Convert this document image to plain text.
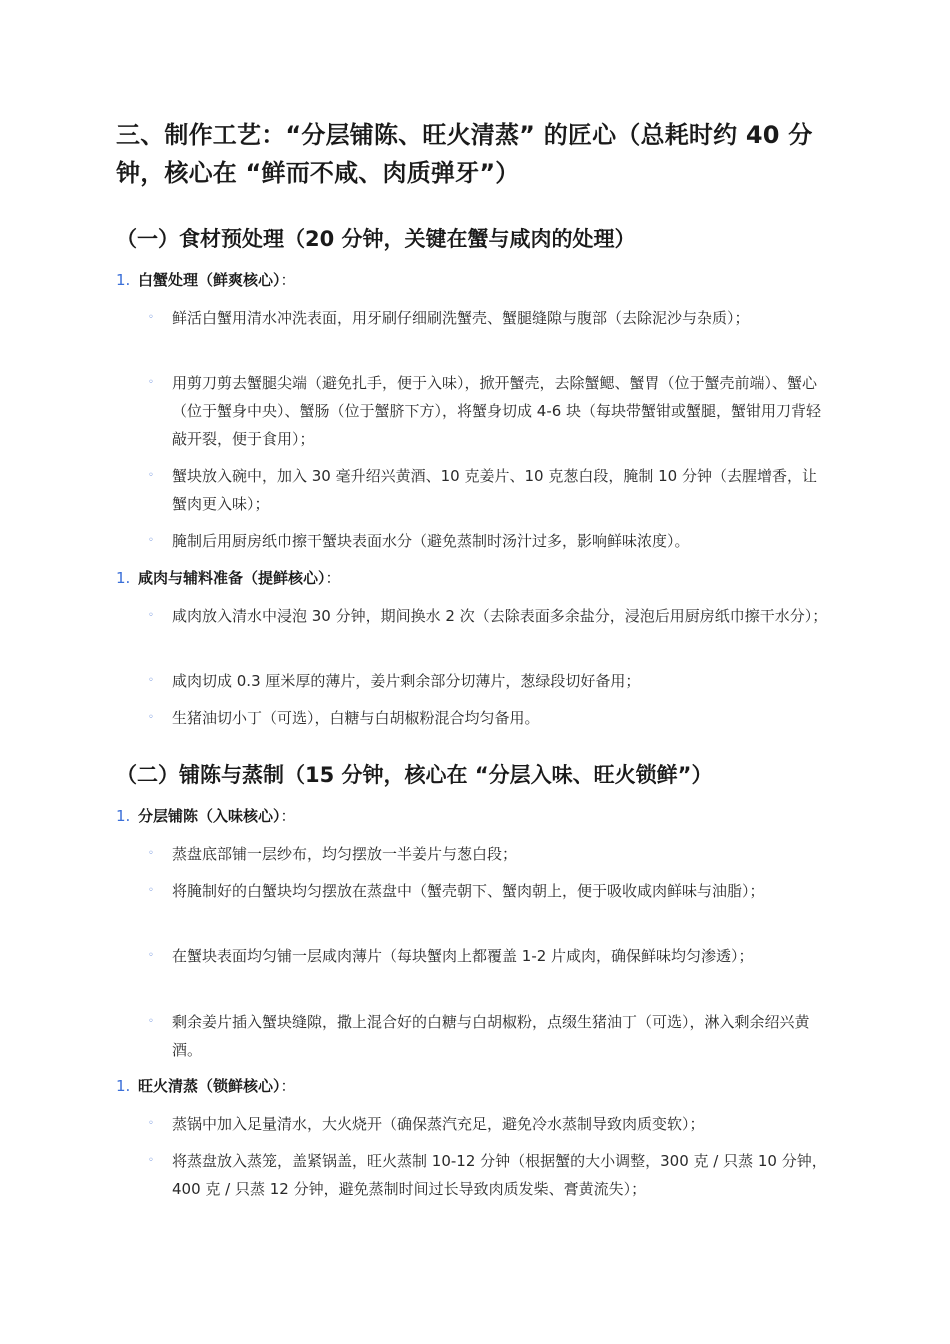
三、制作工艺：“分层铺陈、旺火清蒸” 的匠心（总耗时约 40 分钟，核心在 “鲜而不咸、肉质弹牙”）
（一）食材预处理（20 分钟，关键在蟹与咸肉的处理）
1. 白蟹处理（鲜爽核心）：
◦ 鲜活白蟹用清水冲洗表面，用牙刷仔细刷洗蟹壳、蟹腿缝隙与腹部（去除泥沙与杂质）；
◦ 用剪刀剪去蟹腿尖端（避免扎手，便于入味），掀开蟹壳，去除蟹鳃、蟹胃（位于蟹壳前端）、蟹心（位于蟹身中央）、蟹肠（位于蟹脐下方），将蟹身切成 4-6 块（每块带蟹钳或蟹腿，蟹钳用刀背轻敲开裂，便于食用）；
◦ 蟹块放入碗中，加入 30 毫升绍兴黄酒、10 克姜片、10 克葱白段，腌制 10 分钟（去腥增香，让蟹肉更入味）；
◦ 腌制后用厨房纸巾擦干蟹块表面水分（避免蒸制时汤汁过多，影响鲜味浓度）。
1. 咸肉与辅料准备（提鲜核心）：
◦ 咸肉放入清水中浸泡 30 分钟，期间换水 2 次（去除表面多余盐分，浸泡后用厨房纸巾擦干水分）；
◦ 咸肉切成 0.3 厘米厚的薄片，姜片剩余部分切薄片，葱绿段切好备用；
◦ 生猪油切小丁（可选），白糖与白胡椒粉混合均匀备用。
（二）铺陈与蒸制（15 分钟，核心在 “分层入味、旺火锁鲜”）
1. 分层铺陈（入味核心）：
◦ 蒸盘底部铺一层纱布，均匀摆放一半姜片与葱白段；
◦ 将腌制好的白蟹块均匀摆放在蒸盘中（蟹壳朝下、蟹肉朝上，便于吸收咸肉鲜味与油脂）；
◦ 在蟹块表面均匀铺一层咸肉薄片（每块蟹肉上都覆盖 1-2 片咸肉，确保鲜味均匀渗透）；
◦ 剩余姜片插入蟹块缝隙，撒上混合好的白糖与白胡椒粉，点缀生猪油丁（可选），淋入剩余绍兴黄酒。
1. 旺火清蒸（锁鲜核心）：
◦ 蒸锅中加入足量清水，大火烧开（确保蒸汽充足，避免冷水蒸制导致肉质变软）；
◦ 将蒸盘放入蒸笼，盖紧锅盖，旺火蒸制 10-12 分钟（根据蟹的大小调整，300 克 / 只蒸 10 分钟，400 克 / 只蒸 12 分钟，避免蒸制时间过长导致肉质发柴、膏黄流失）；
